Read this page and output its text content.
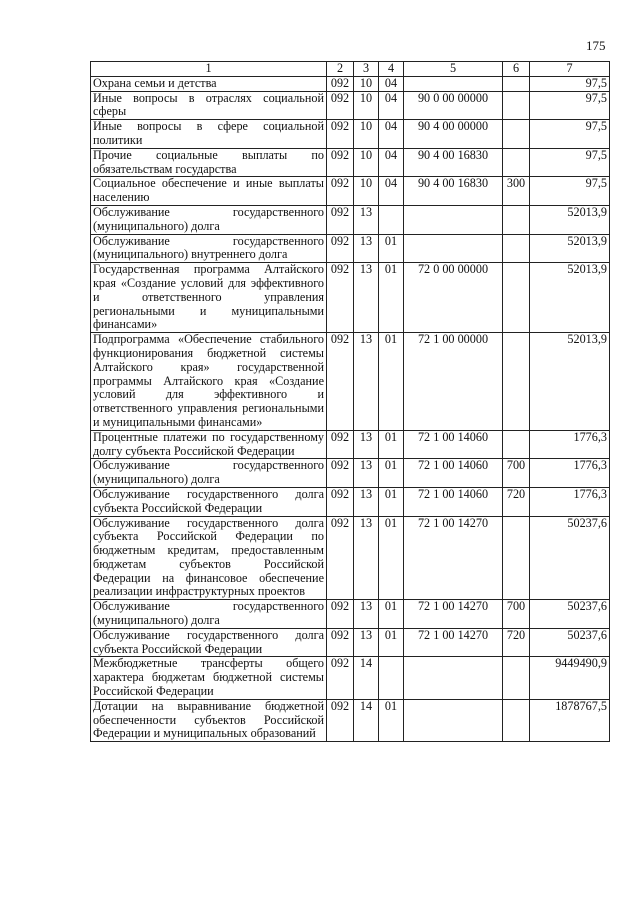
175
1	2	3	4	5	6	7
Охрана семьи и детства	092	10	04			97,5
Иные вопросы в отраслях социальной сферы	092	10	04	90 0 00 00000		97,5
Иные вопросы в сфере социальной политики	092	10	04	90 4 00 00000		97,5
Прочие социальные выплаты по обязательствам государства	092	10	04	90 4 00 16830		97,5
Социальное обеспечение и иные выплаты населению	092	10	04	90 4 00 16830	300	97,5
Обслуживание государственного (муниципального) долга	092	13				52013,9
Обслуживание государственного (муниципального) внутреннего долга	092	13	01			52013,9
Государственная программа Алтайского края «Создание условий для эффективного и ответственного управления региональными и муниципальными финансами»	092	13	01	72 0 00 00000		52013,9
Подпрограмма «Обеспечение стабильного функционирования бюджетной системы Алтайского края» государственной программы Алтайского края «Создание условий для эффективного и ответственного управления региональными и муниципальными финансами»	092	13	01	72 1 00 00000		52013,9
Процентные платежи по государственному долгу субъекта Российской Федерации	092	13	01	72 1 00 14060		1776,3
Обслуживание государственного (муниципального) долга	092	13	01	72 1 00 14060	700	1776,3
Обслуживание государственного долга субъекта Российской Федерации	092	13	01	72 1 00 14060	720	1776,3
Обслуживание государственного долга субъекта Российской Федерации по бюджетным кредитам, предоставленным бюджетам субъектов Российской Федерации на финансовое обеспечение реализации инфраструктурных проектов	092	13	01	72 1 00 14270		50237,6
Обслуживание государственного (муниципального) долга	092	13	01	72 1 00 14270	700	50237,6
Обслуживание государственного долга субъекта Российской Федерации	092	13	01	72 1 00 14270	720	50237,6
Межбюджетные трансферты общего характера бюджетам бюджетной системы Российской Федерации	092	14				9449490,9
Дотации на выравнивание бюджетной обеспеченности субъектов Российской Федерации и муниципальных образований	092	14	01			1878767,5
